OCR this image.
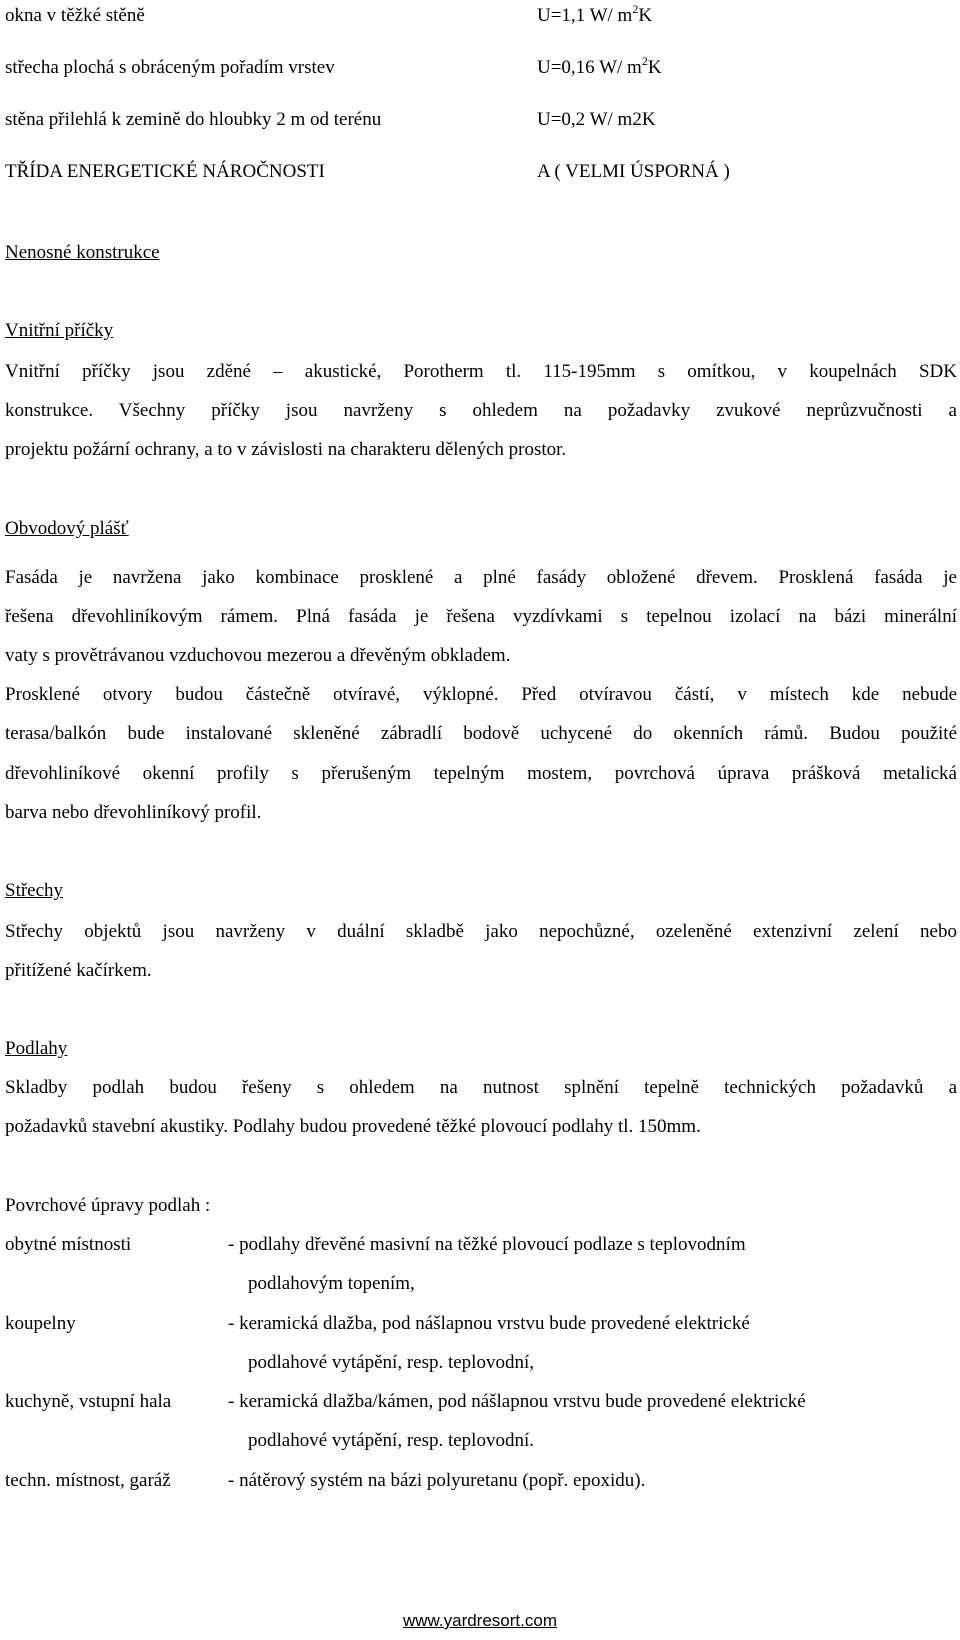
okna v těžké stěně	U=1,1 W/ $m^2K$
střecha plochá s obráceným pořadím vrstev	U=0,16 W/ $m^2K$
stěna přilehlá k zemině do hloubky 2 m od terénu	U=0,2 W/ m2K
TŘÍDA ENERGETICKÉ NÁROČNOSTI	A ( VELMI ÚSPORNÁ )
Nenosné konstrukce
Vnitřní příčky
Vnitřní příčky jsou zděné – akustické, Porotherm tl. 115-195mm s omítkou, v koupelnách SDK
konstrukce. Všechny příčky jsou navrženy s ohledem na požadavky zvukové neprůzvučnosti a
projektu požární ochrany, a to v závislosti na charakteru dělených prostor.
Obvodový plášť
Fasáda je navržena jako kombinace prosklené a plné fasády obložené dřevem. Prosklená fasáda je
řešena dřevohliníkovým rámem. Plná fasáda je řešena vyzdívkami s tepelnou izolací na bázi minerální
vaty s provětrávanou vzduchovou mezerou a dřevěným obkladem.
Prosklené otvory budou částečně otvíravé, výklopné. Před otvíravou částí, v místech kde nebude
terasa/balkón bude instalované skleněné zábradlí bodově uchycené do okenních rámů. Budou použité
dřevohliníkové okenní profily s přerušeným tepelným mostem, povrchová úprava prášková metalická
barva nebo dřevohliníkový profil.
Střechy
Střechy objektů jsou navrženy v duální skladbě jako nepochůzné, ozeleněné extenzivní zelení nebo
přitížené kačírkem.
Podlahy
Skladby podlah budou řešeny s ohledem na nutnost splnění tepelně technických požadavků a
požadavků stavební akustiky. Podlahy budou provedené těžké plovoucí podlahy tl. 150mm.
Povrchové úpravy podlah :
obytné místnosti	- podlahy dřevěné masivní na těžké plovoucí podlaze s teplovodním
podlahovým topením,
koupelny	- keramická dlažba, pod nášlapnou vrstvu bude provedené elektrické
podlahové vytápění, resp. teplovodní,
kuchyně, vstupní hala	- keramická dlažba/kámen, pod nášlapnou vrstvu bude provedené elektrické
podlahové vytápění, resp. teplovodní.
techn. místnost, garáž	- nátěrový systém na bázi polyuretanu (popř. epoxidu).
www.yardresort.com
